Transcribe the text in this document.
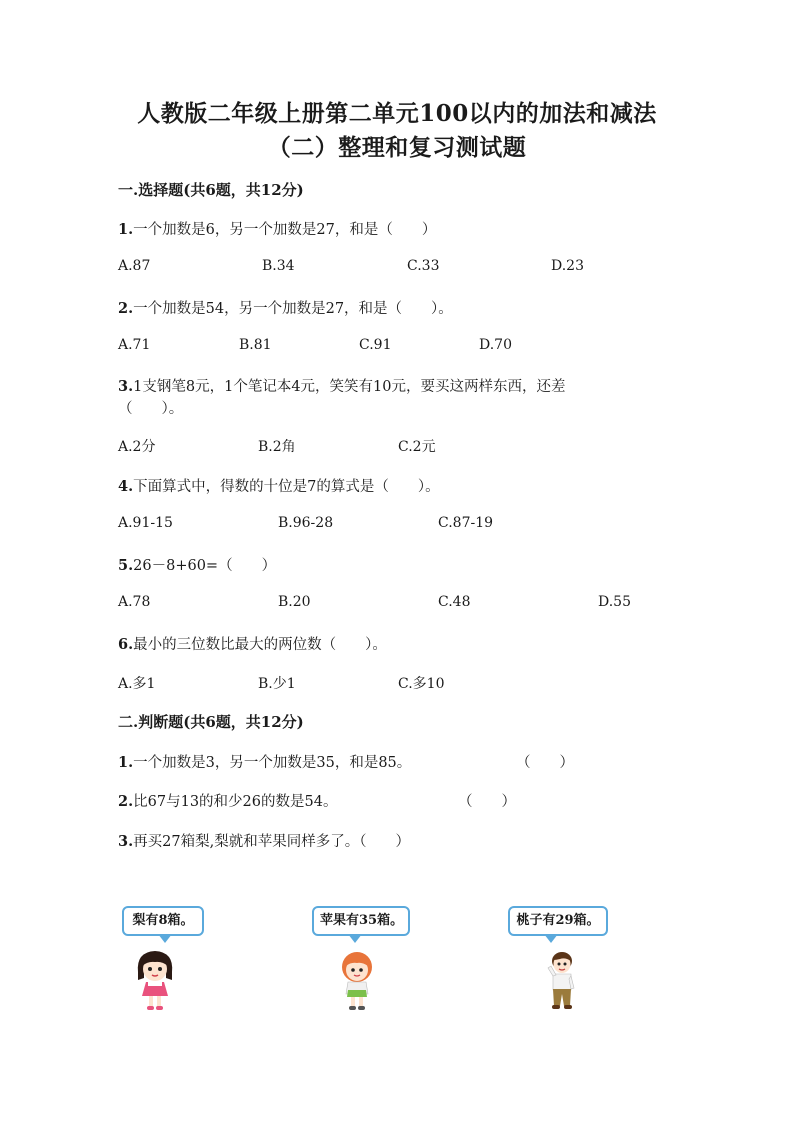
人教版二年级上册第二单元100以内的加法和减法
（二）整理和复习测试题
一.选择题(共6题，共12分)
1.一个加数是6，另一个加数是27，和是（　　）
A.87	B.34	C.33	D.23
2.一个加数是54，另一个加数是27，和是（　　）。
A.71	B.81	C.91	D.70
3.1支钢笔8元，1个笔记本4元，笑笑有10元，要买这两样东西，还差
（　　）。
A.2分	B.2角	C.2元
4.下面算式中，得数的十位是7的算式是（　　）。
A.91-15	B.96-28	C.87-19
5.26－8+60=（　　）
A.78	B.20	C.48	D.55
6.最小的三位数比最大的两位数（　　）。
A.多1	B.少1	C.多10
二.判断题(共6题，共12分)
1.一个加数是3，另一个加数是35，和是85。	（　　）
2.比67与13的和少26的数是54。	（　　）
3.再买27箱梨,梨就和苹果同样多了。（　　）
梨有8箱。	苹果有35箱。	桃子有29箱。
